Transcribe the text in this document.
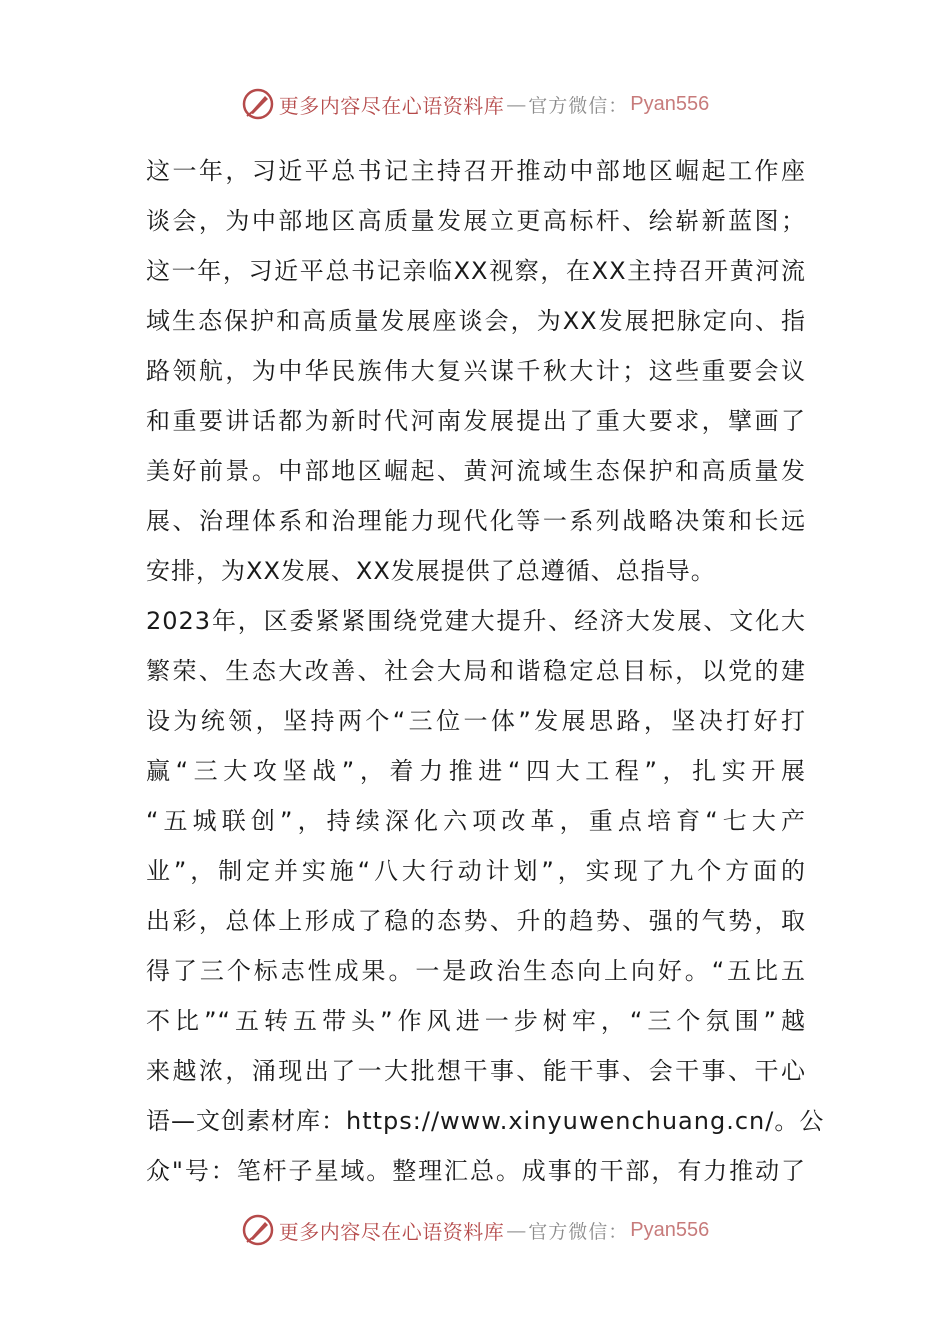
更多内容尽在心语资料库 — 官方微信： Pyan556
这一年，习近平总书记主持召开推动中部地区崛起工作座
谈会，为中部地区高质量发展立更高标杆、绘崭新蓝图；
这一年，习近平总书记亲临XX视察，在XX主持召开黄河流
域生态保护和高质量发展座谈会，为XX发展把脉定向、指
路领航，为中华民族伟大复兴谋千秋大计；这些重要会议
和重要讲话都为新时代河南发展提出了重大要求，擘画了
美好前景。中部地区崛起、黄河流域生态保护和高质量发
展、治理体系和治理能力现代化等一系列战略决策和长远
安排，为XX发展、XX发展提供了总遵循、总指导。
2023年，区委紧紧围绕党建大提升、经济大发展、文化大
繁荣、生态大改善、社会大局和谐稳定总目标，以党的建
设为统领，坚持两个“三位一体”发展思路，坚决打好打
赢“三大攻坚战”，着力推进“四大工程”，扎实开展
“五城联创”，持续深化六项改革，重点培育“七大产
业”，制定并实施“八大行动计划”，实现了九个方面的
出彩，总体上形成了稳的态势、升的趋势、强的气势，取
得了三个标志性成果。一是政治生态向上向好。“五比五
不比”“五转五带头”作风进一步树牢，“三个氛围”越
来越浓，涌现出了一大批想干事、能干事、会干事、干心
语—文创素材库：https://www.xinyuwenchuang.cn/。公
众"号：笔杆子星域。整理汇总。成事的干部，有力推动了
更多内容尽在心语资料库 — 官方微信： Pyan556
